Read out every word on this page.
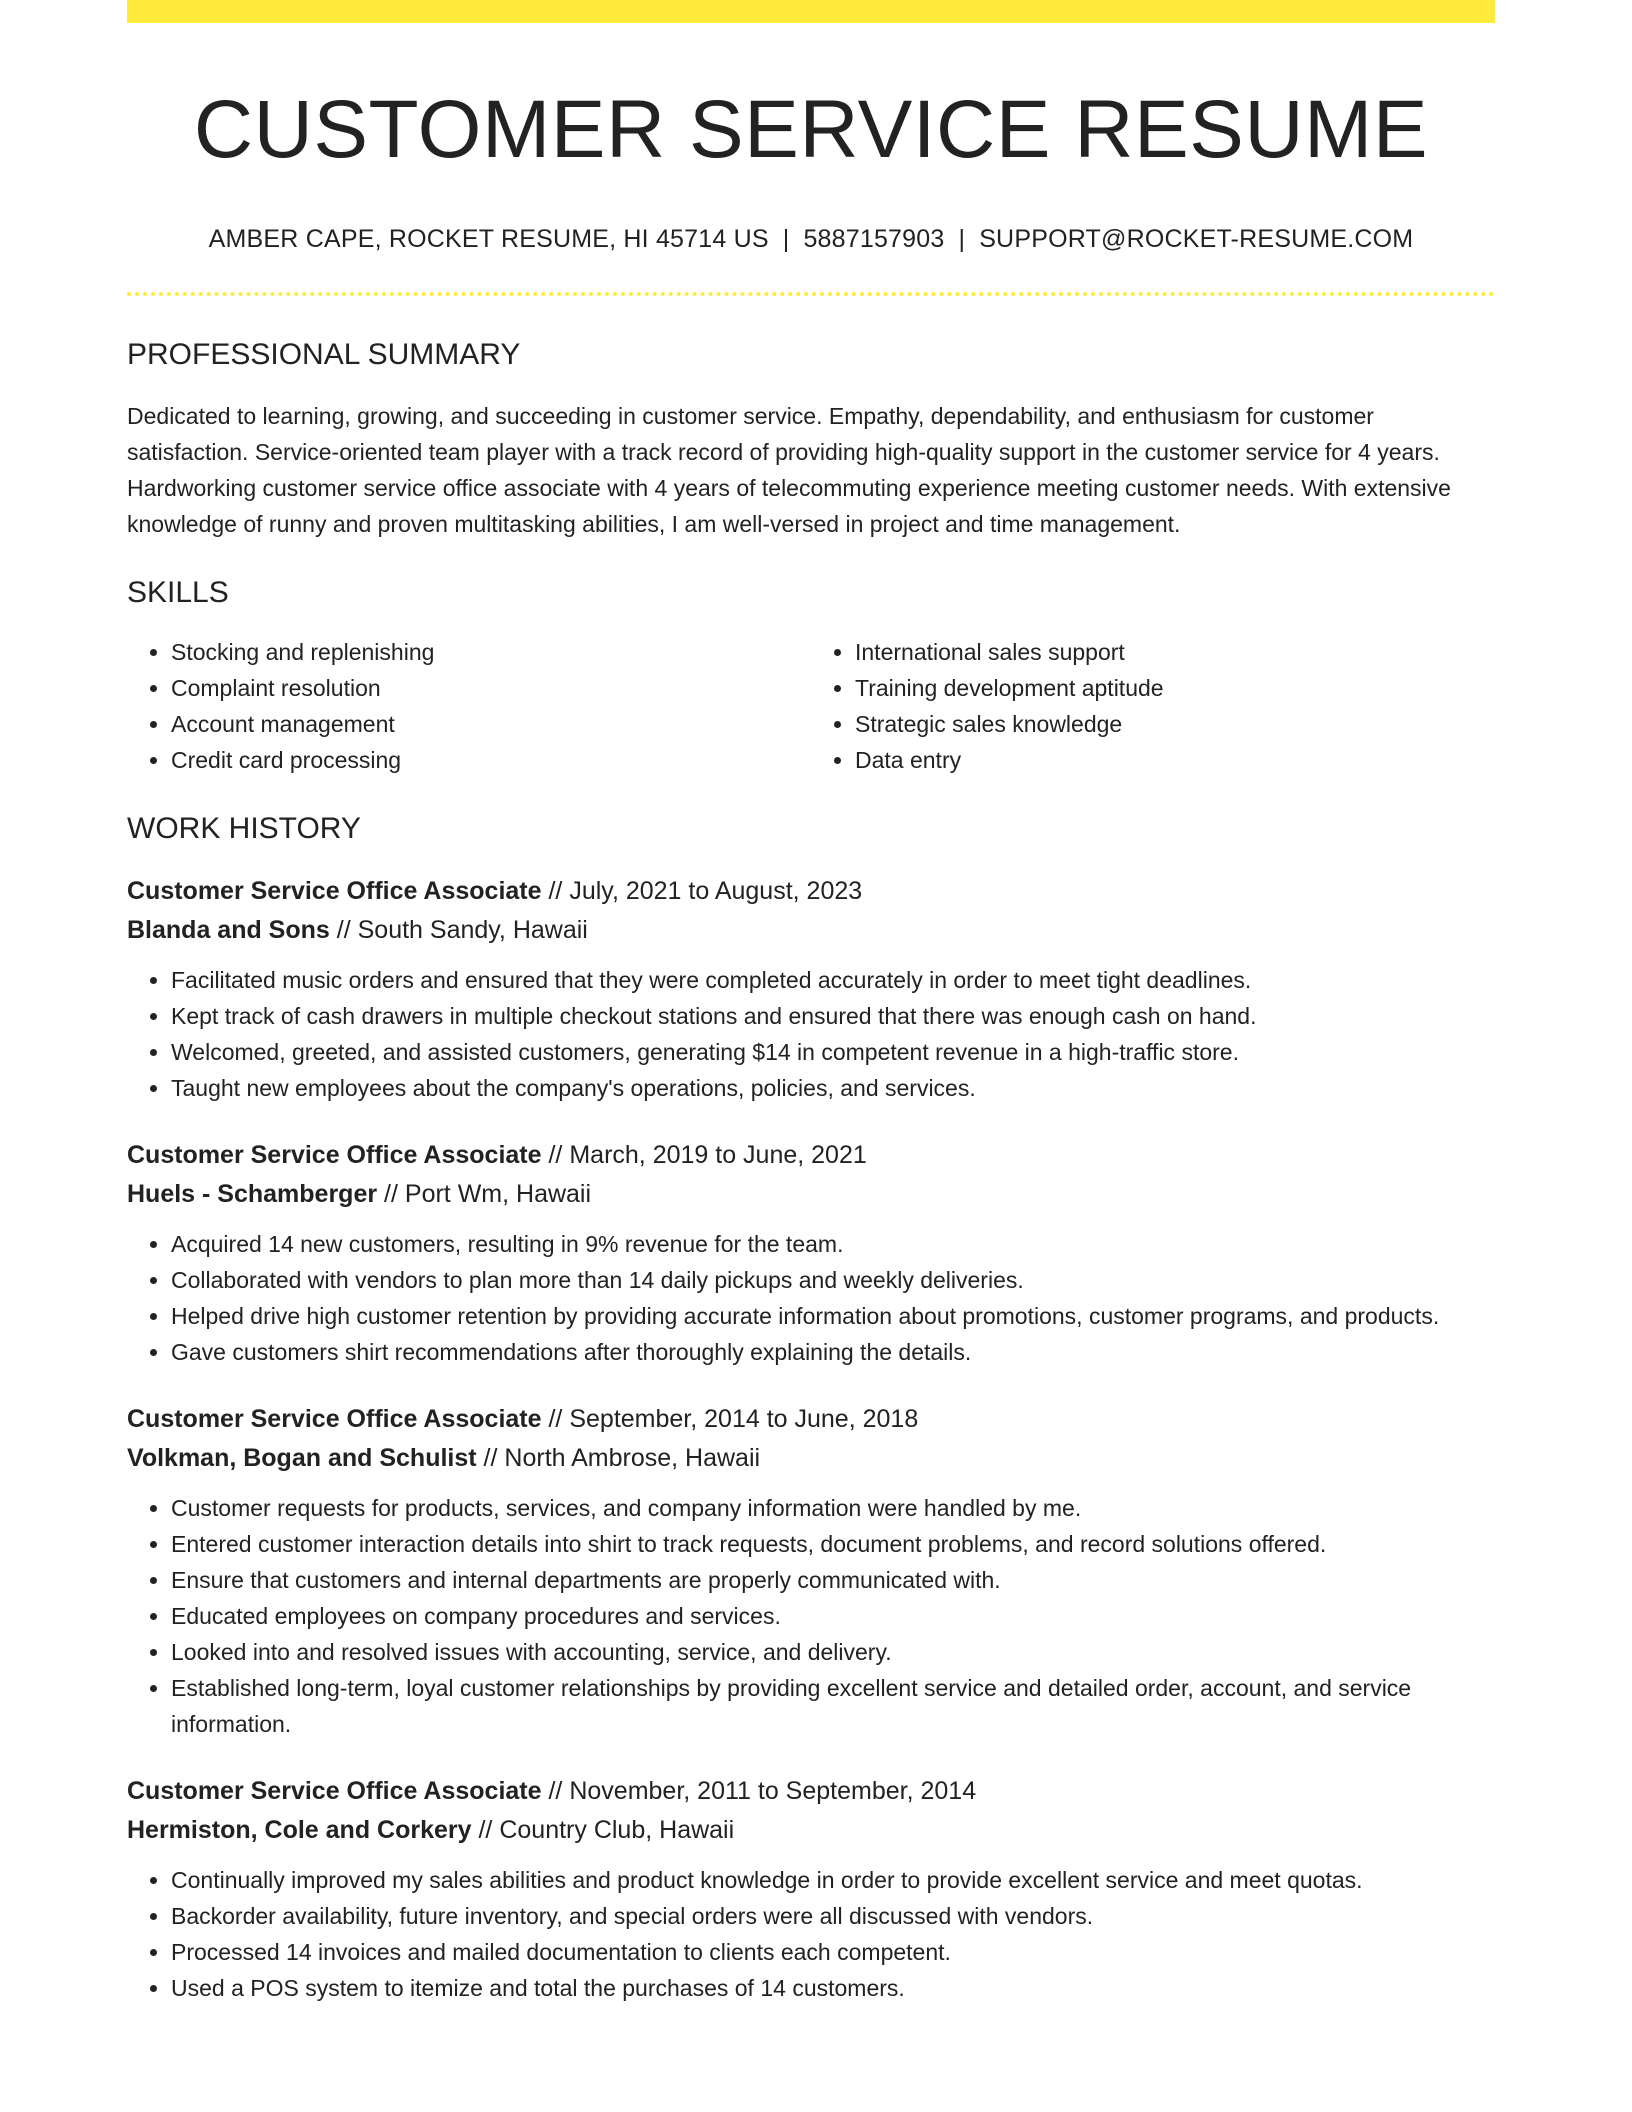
CUSTOMER SERVICE RESUME
AMBER CAPE, ROCKET RESUME, HI 45714 US | 5887157903 | SUPPORT@ROCKET-RESUME.COM
PROFESSIONAL SUMMARY
Dedicated to learning, growing, and succeeding in customer service. Empathy, dependability, and enthusiasm for customer satisfaction. Service-oriented team player with a track record of providing high-quality support in the customer service for 4 years. Hardworking customer service office associate with 4 years of telecommuting experience meeting customer needs. With extensive knowledge of runny and proven multitasking abilities, I am well-versed in project and time management.
SKILLS
• Stocking and replenishing
• Complaint resolution
• Account management
• Credit card processing
• International sales support
• Training development aptitude
• Strategic sales knowledge
• Data entry
WORK HISTORY
Customer Service Office Associate // July, 2021 to August, 2023
Blanda and Sons // South Sandy, Hawaii
• Facilitated music orders and ensured that they were completed accurately in order to meet tight deadlines.
• Kept track of cash drawers in multiple checkout stations and ensured that there was enough cash on hand.
• Welcomed, greeted, and assisted customers, generating $14 in competent revenue in a high-traffic store.
• Taught new employees about the company's operations, policies, and services.
Customer Service Office Associate // March, 2019 to June, 2021
Huels - Schamberger // Port Wm, Hawaii
• Acquired 14 new customers, resulting in 9% revenue for the team.
• Collaborated with vendors to plan more than 14 daily pickups and weekly deliveries.
• Helped drive high customer retention by providing accurate information about promotions, customer programs, and products.
• Gave customers shirt recommendations after thoroughly explaining the details.
Customer Service Office Associate // September, 2014 to June, 2018
Volkman, Bogan and Schulist // North Ambrose, Hawaii
• Customer requests for products, services, and company information were handled by me.
• Entered customer interaction details into shirt to track requests, document problems, and record solutions offered.
• Ensure that customers and internal departments are properly communicated with.
• Educated employees on company procedures and services.
• Looked into and resolved issues with accounting, service, and delivery.
• Established long-term, loyal customer relationships by providing excellent service and detailed order, account, and service information.
Customer Service Office Associate // November, 2011 to September, 2014
Hermiston, Cole and Corkery // Country Club, Hawaii
• Continually improved my sales abilities and product knowledge in order to provide excellent service and meet quotas.
• Backorder availability, future inventory, and special orders were all discussed with vendors.
• Processed 14 invoices and mailed documentation to clients each competent.
• Used a POS system to itemize and total the purchases of 14 customers.
